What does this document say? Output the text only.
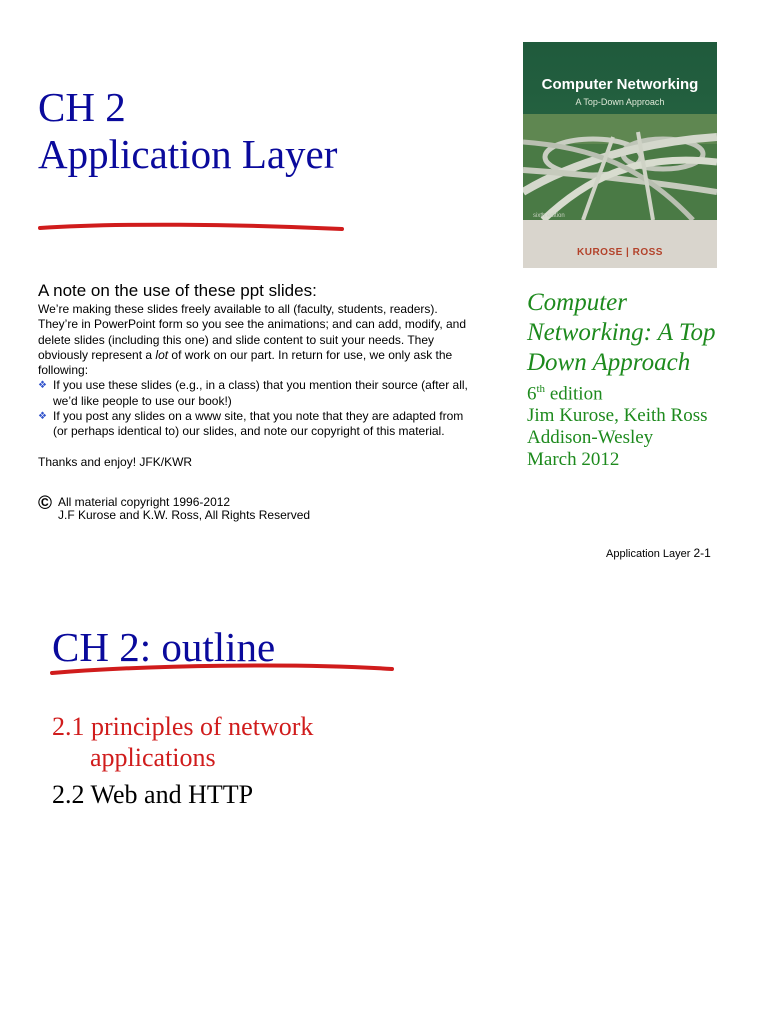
CH 2
Application Layer
A note on the use of these ppt slides:

We’re making these slides freely available to all (faculty, students, readers). They’re in PowerPoint form so you see the animations; and can add, modify, and delete slides (including this one) and slide content to suit your needs. They obviously represent a lot of work on our part. In return for use, we only ask the following:

❖ If you use these slides (e.g., in a class) that you mention their source (after all, we’d like people to use our book!)
❖ If you post any slides on a www site, that you note that they are adapted from (or perhaps identical to) our slides, and note our copyright of this material.

Thanks and enjoy! JFK/KWR

© All material copyright 1996-2012
J.F Kurose and K.W. Ross, All Rights Reserved

Computer Networking

A Top-Down Approach

sixth edition
KUROSE | ROSS
Computer
Networking: A Top
Down Approach
6th edition
Jim Kurose, Keith Ross
Addison-Wesley
March 2012
Application Layer 2-1
CH 2: outline
2.1 principles of network
applications
2.2 Web and HTTP
